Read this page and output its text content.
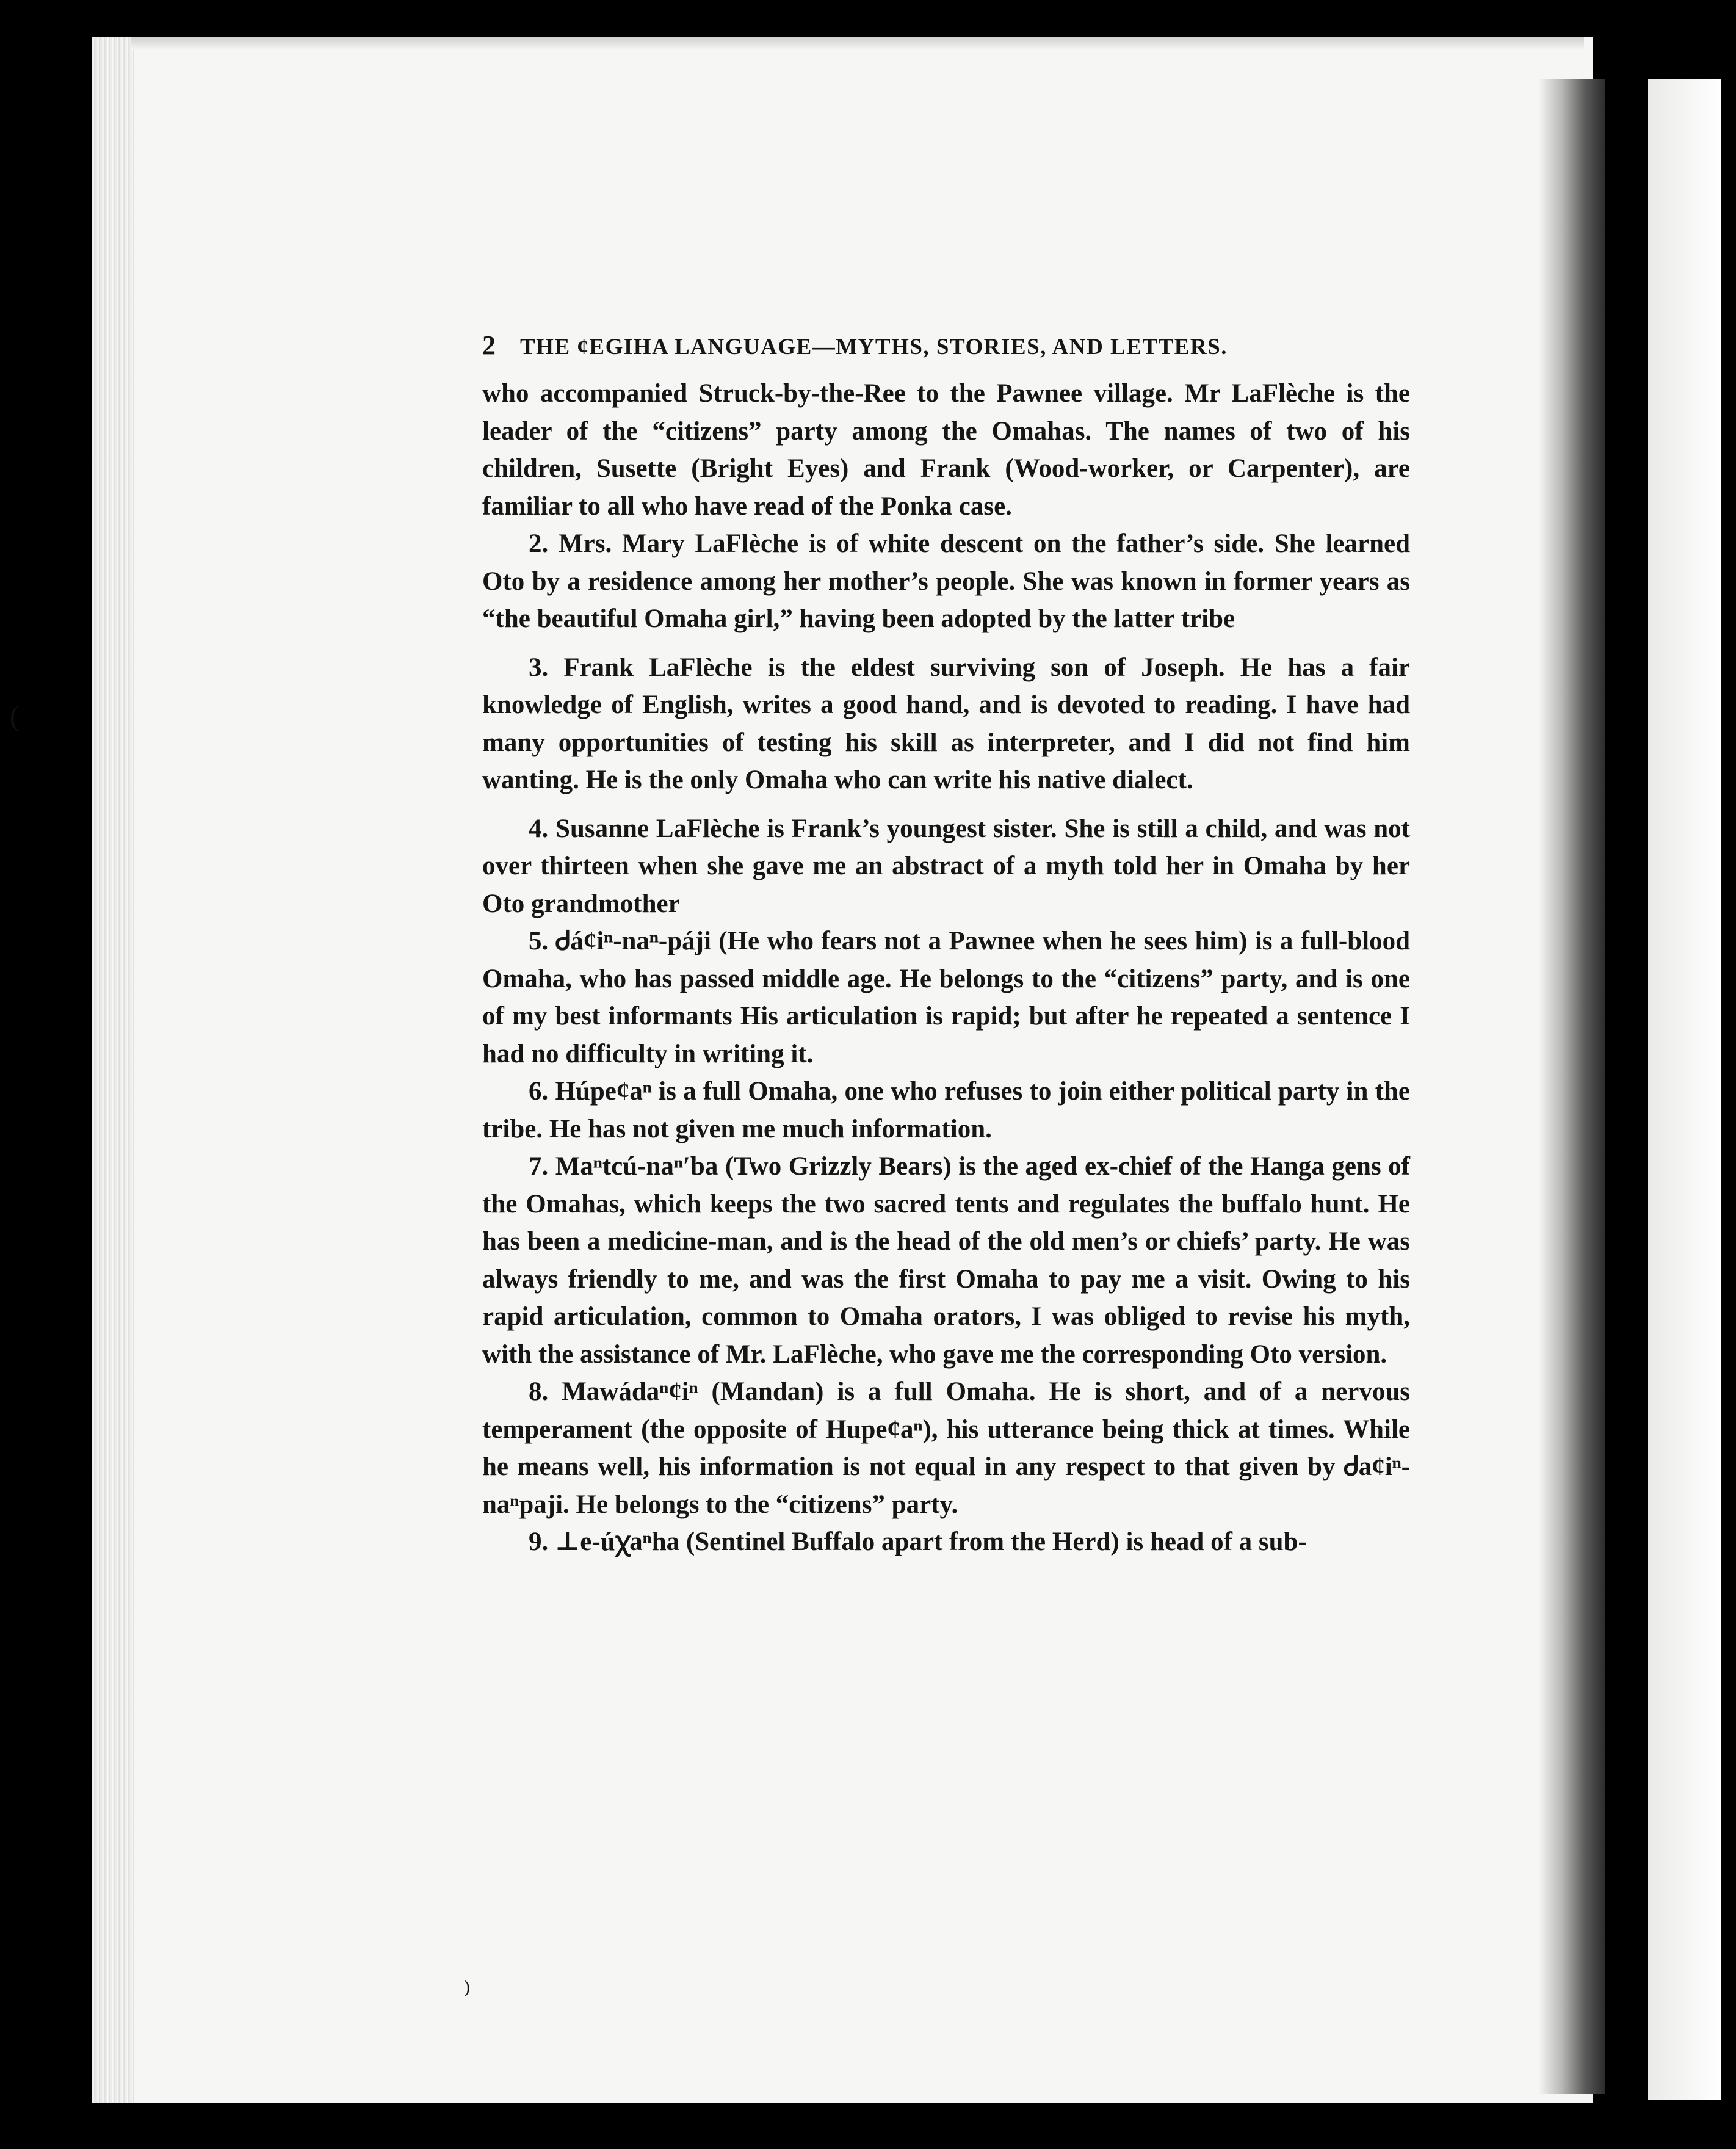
(
)
2 THE ¢EGIHA LANGUAGE—MYTHS, STORIES, AND LETTERS.

who accompanied Struck-by-the-Ree to the Pawnee village. Mr LaFlèche is the leader of the “citizens” party among the Omahas. The names of two of his children, Susette (Bright Eyes) and Frank (Wood-worker, or Carpenter), are familiar to all who have read of the Ponka case.

2. Mrs. Mary LaFlèche is of white descent on the father’s side. She learned Oto by a residence among her mother’s people. She was known in former years as “the beautiful Omaha girl,” having been adopted by the latter tribe

3. Frank LaFlèche is the eldest surviving son of Joseph. He has a fair knowledge of English, writes a good hand, and is devoted to reading. I have had many opportunities of testing his skill as interpreter, and I did not find him wanting. He is the only Omaha who can write his native dialect.

4. Susanne LaFlèche is Frank’s youngest sister. She is still a child, and was not over thirteen when she gave me an abstract of a myth told her in Omaha by her Oto grandmother

5. Ꮷá¢iⁿ-naⁿ-páji (He who fears not a Pawnee when he sees him) is a full-blood Omaha, who has passed middle age. He belongs to the “citizens” party, and is one of my best informants His articulation is rapid; but after he repeated a sentence I had no difficulty in writing it.

6. Húpe¢aⁿ is a full Omaha, one who refuses to join either political party in the tribe. He has not given me much information.

7. Maⁿtcú-naⁿ′ba (Two Grizzly Bears) is the aged ex-chief of the Hanga gens of the Omahas, which keeps the two sacred tents and regulates the buffalo hunt. He has been a medicine-man, and is the head of the old men’s or chiefs’ party. He was always friendly to me, and was the first Omaha to pay me a visit. Owing to his rapid articulation, common to Omaha orators, I was obliged to revise his myth, with the assistance of Mr. LaFlèche, who gave me the corresponding Oto version.

8. Mawádaⁿ¢iⁿ (Mandan) is a full Omaha. He is short, and of a nervous temperament (the opposite of Hupe¢aⁿ), his utterance being thick at times. While he means well, his information is not equal in any respect to that given by Ꮷa¢iⁿ-naⁿpaji. He belongs to the “citizens” party.

9. ⊥e-úꭓaⁿha (Sentinel Buffalo apart from the Herd) is head of a sub-
